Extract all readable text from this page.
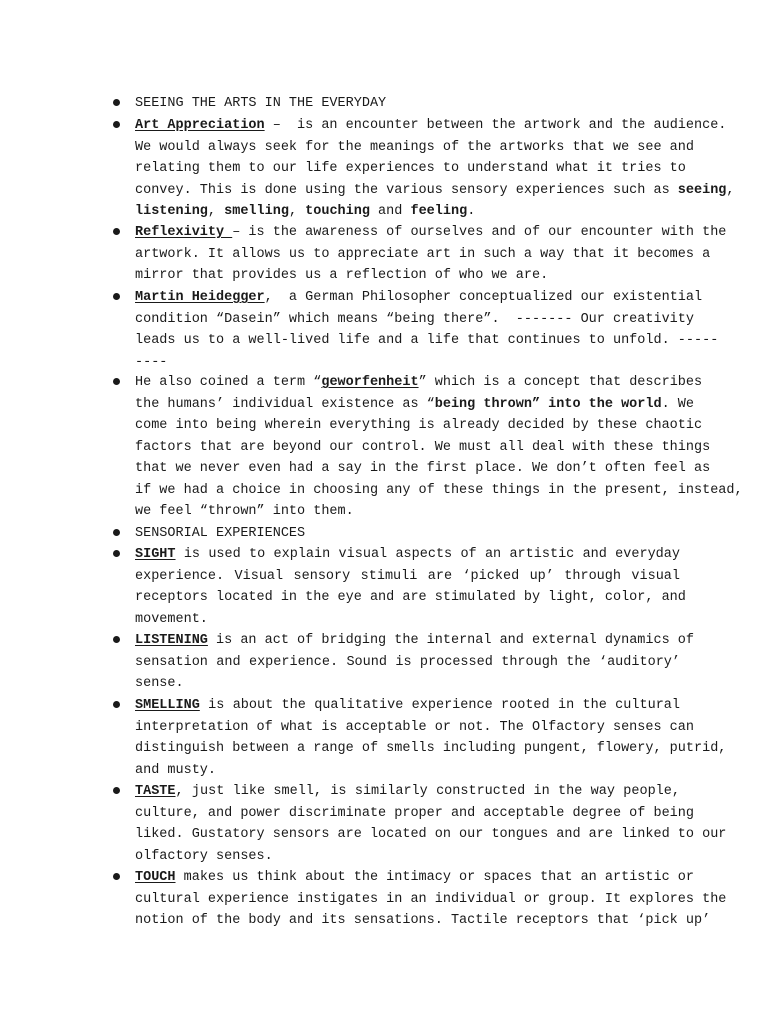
SEEING THE ARTS IN THE EVERYDAY
Art Appreciation –  is an encounter between the artwork and the audience.
We would always seek for the meanings of the artworks that we see and
relating them to our life experiences to understand what it tries to
convey. This is done using the various sensory experiences such as seeing,
listening, smelling, touching and feeling.
Reflexivity – is the awareness of ourselves and of our encounter with the
artwork. It allows us to appreciate art in such a way that it becomes a
mirror that provides us a reflection of who we are.
Martin Heidegger,  a German Philosopher conceptualized our existential
condition “Dasein” which means “being there”.  ------- Our creativity
leads us to a well-lived life and a life that continues to unfold. -----
----
He also coined a term “geworfenheit” which is a concept that describes
the humans’ individual existence as “being thrown” into the world. We
come into being wherein everything is already decided by these chaotic
factors that are beyond our control. We must all deal with these things
that we never even had a say in the first place. We don’t often feel as
if we had a choice in choosing any of these things in the present, instead,
we feel “thrown” into them.
SENSORIAL EXPERIENCES
SIGHT is used to explain visual aspects of an artistic and everyday
experience. Visual sensory stimuli are ‘picked up’ through visual
receptors located in the eye and are stimulated by light, color, and
movement.
LISTENING is an act of bridging the internal and external dynamics of
sensation and experience. Sound is processed through the ‘auditory’
sense.
SMELLING is about the qualitative experience rooted in the cultural
interpretation of what is acceptable or not. The Olfactory senses can
distinguish between a range of smells including pungent, flowery, putrid,
and musty.
TASTE, just like smell, is similarly constructed in the way people,
culture, and power discriminate proper and acceptable degree of being
liked. Gustatory sensors are located on our tongues and are linked to our
olfactory senses.
TOUCH makes us think about the intimacy or spaces that an artistic or
cultural experience instigates in an individual or group. It explores the
notion of the body and its sensations. Tactile receptors that ‘pick up’
